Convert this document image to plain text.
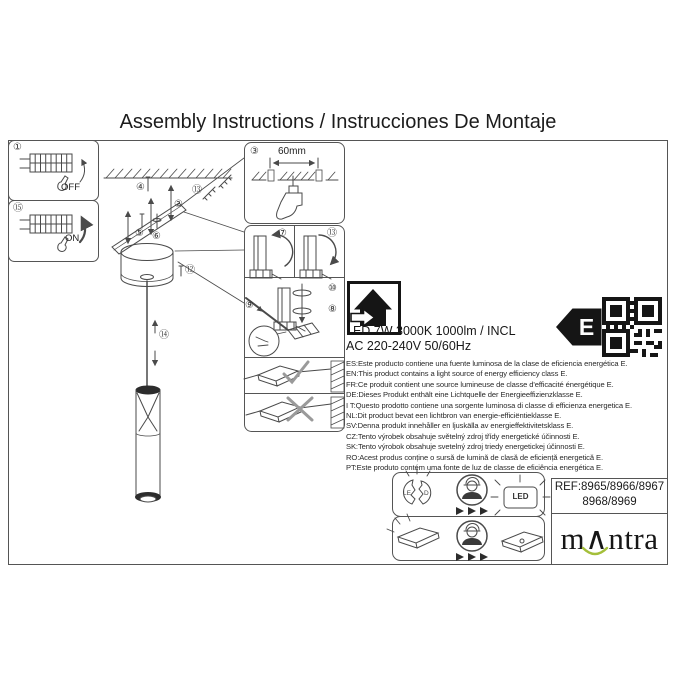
Assembly Instructions / Instrucciones De Montaje
①
⑮
OFF
ON
④
②
⑬
⑤ ⑥
⑫
⑭
③ 60mm
⑦	⑬
⑩
⑧
⑨
LED 7W 3000K 1000lm / INCL
AC 220-240V 50/60Hz
E
ES:Este producto contiene una fuente luminosa de la clase de eficiencia energética E.
EN:This product contains a light source of energy efficiency class E.
FR:Ce produit contient une source lumineuse de classe d'efficacité énergétique E.
DE:Dieses Produkt enthält eine Lichtquelle der Energieeffizienzklasse E.
I T:Questo prodotto contiene una sorgente luminosa di classe di efficienza energetica E.
NL:Dit product bevat een lichtbron van energie-efficiëntieklasse E.
SV:Denna produkt innehåller en ljuskälla av energieffektivitetsklass E.
CZ:Tento výrobek obsahuje světelný zdroj třídy energetické účinnosti E.
SK:Tento výrobok obsahuje svetelný zdroj triedy energetickej účinnosti E.
RO:Acest produs conține o sursă de lumină de clasă de eficiență energetică E.
PT:Este produto contém uma fonte de luz de classe de eficiência energética E.
LE D	LED
REF:8965/8966/8967
8968/8969
m∧ntra
